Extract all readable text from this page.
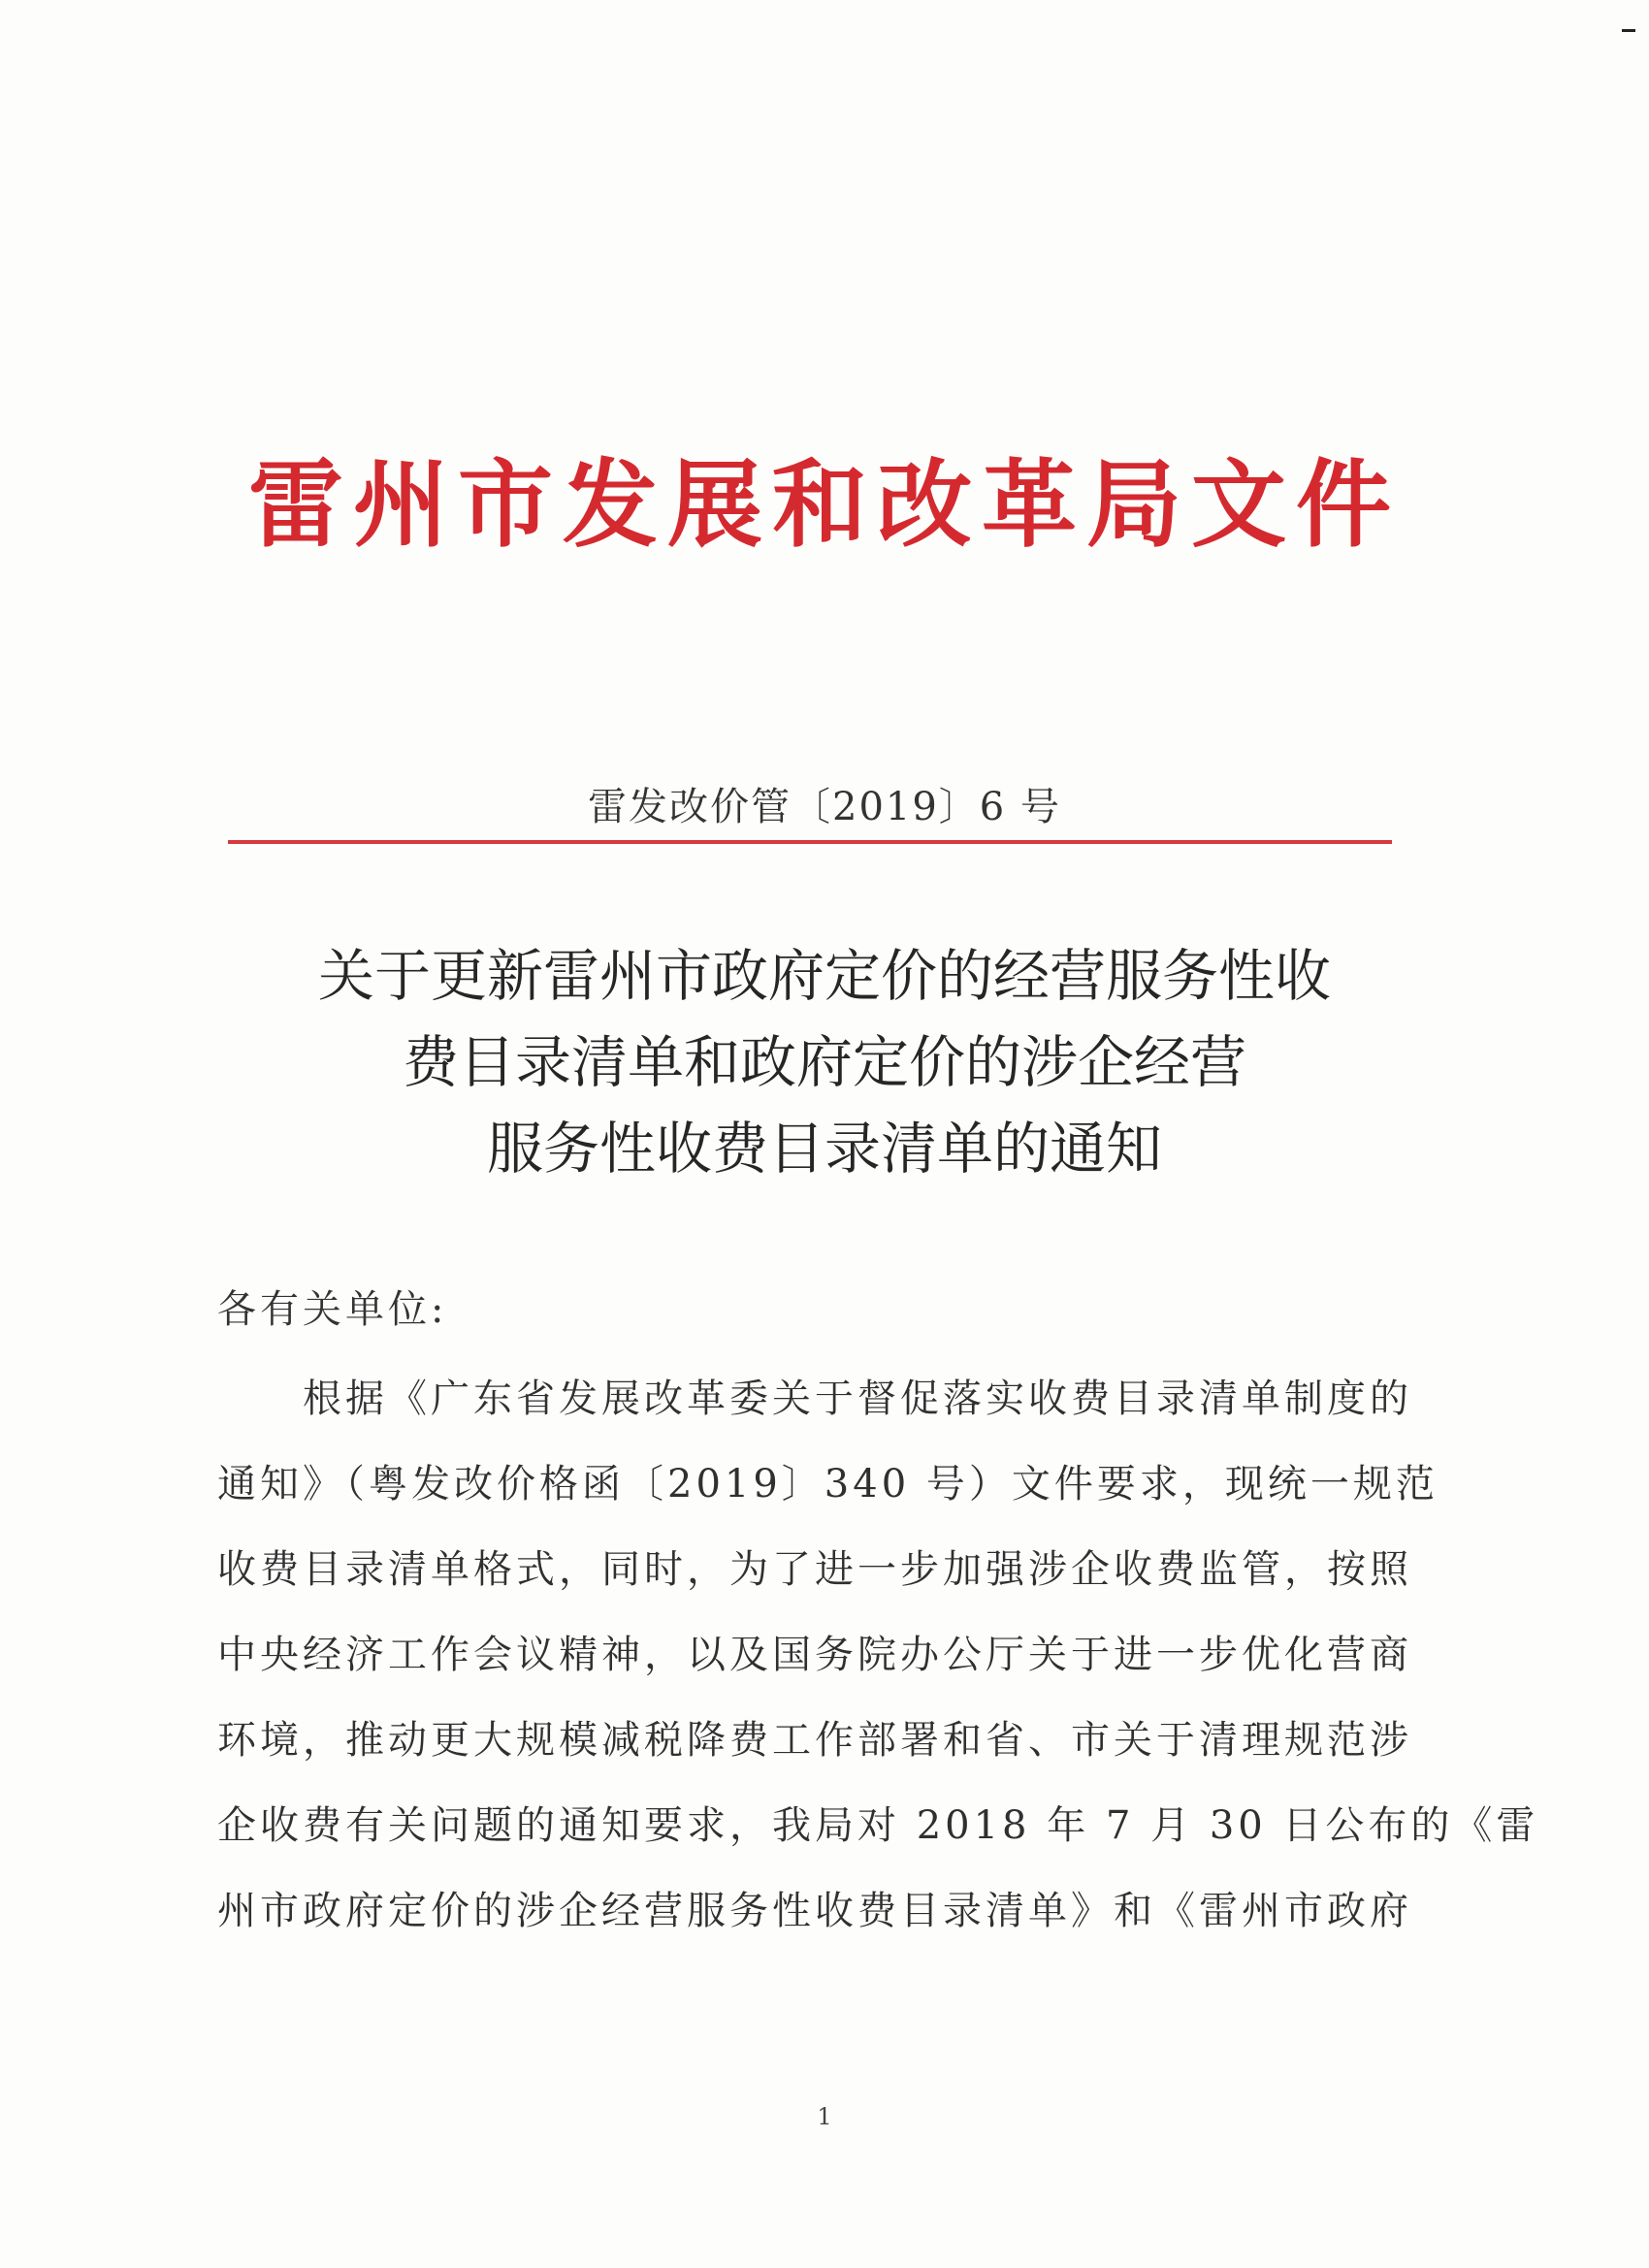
雷州市发展和改革局文件
雷发改价管〔2019〕6 号
关于更新雷州市政府定价的经营服务性收
费目录清单和政府定价的涉企经营
服务性收费目录清单的通知
各有关单位:
　　根据《广东省发展改革委关于督促落实收费目录清单制度的
通知》（粤发改价格函〔2019〕340 号）文件要求，现统一规范
收费目录清单格式，同时，为了进一步加强涉企收费监管，按照
中央经济工作会议精神，以及国务院办公厅关于进一步优化营商
环境，推动更大规模减税降费工作部署和省、市关于清理规范涉
企收费有关问题的通知要求，我局对 2018 年 7 月 30 日公布的《雷
州市政府定价的涉企经营服务性收费目录清单》和《雷州市政府
1
